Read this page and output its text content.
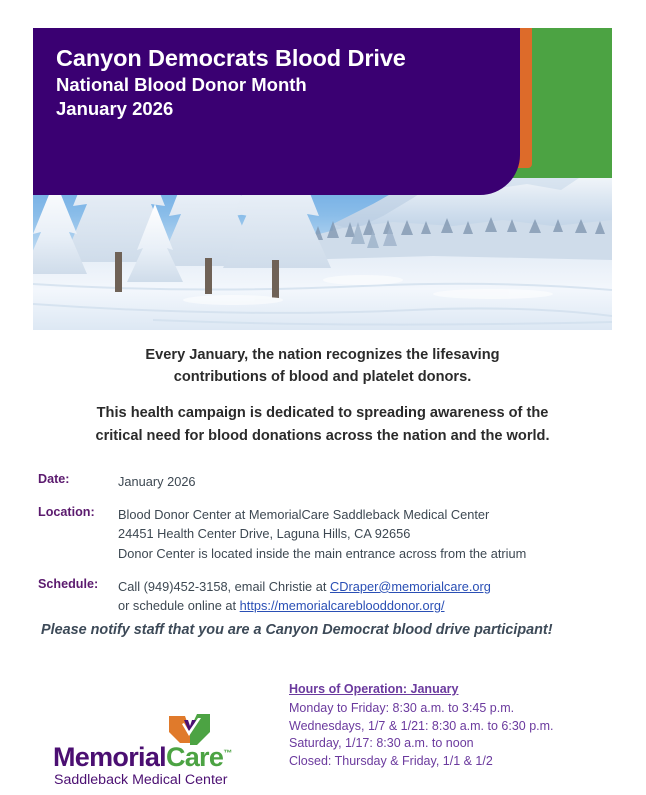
Canyon Democrats Blood Drive
National Blood Donor Month
January 2026

Every January, the nation recognizes the lifesaving
contributions of blood and platelet donors.

This health campaign is dedicated to spreading awareness of the
critical need for blood donations across the nation and the world.

Date:	January 2026
Location:	Blood Donor Center at MemorialCare Saddleback Medical Center
24451 Health Center Drive, Laguna Hills, CA 92656
Donor Center is located inside the main entrance across from the atrium
Schedule:	Call (949)452-3158, email Christie at CDraper@memorialcare.org
or schedule online at https://memorialcareblooddonor.org/
Please notify staff that you are a Canyon Democrat blood drive participant!
Hours of Operation: January
Monday to Friday: 8:30 a.m. to 3:45 p.m.
Wednesdays, 1/7 & 1/21: 8:30 a.m. to 6:30 p.m.
Saturday, 1/17: 8:30 a.m. to noon
Closed: Thursday & Friday, 1/1 & 1/2
MemorialCare™
Saddleback Medical Center
